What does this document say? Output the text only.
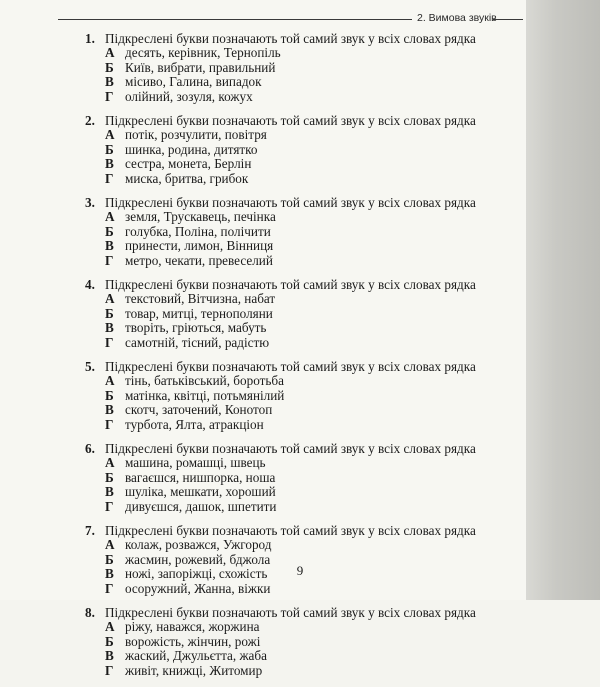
2. Вимова звуків
1. Підкреслені букви позначають той самий звук у всіх словах рядка
А десять, керівник, Тернопіль
Б Київ, вибрати, правильний
В місиво, Галина, випадок
Г олійний, зозуля, кожух
2. Підкреслені букви позначають той самий звук у всіх словах рядка
А потік, розчулити, повітря
Б шинка, родина, дитятко
В сестра, монета, Берлін
Г миска, бритва, грибок
3. Підкреслені букви позначають той самий звук у всіх словах рядка
А земля, Трускавець, печінка
Б голубка, Поліна, полічити
В принести, лимон, Вінниця
Г метро, чекати, превеселий
4. Підкреслені букви позначають той самий звук у всіх словах рядка
А текстовий, Вітчизна, набат
Б товар, митці, тернополяни
В творіть, гріються, мабуть
Г самотній, тісний, радістю
5. Підкреслені букви позначають той самий звук у всіх словах рядка
А тінь, батьківський, боротьба
Б матінка, квітці, потьмянілий
В скотч, заточений, Конотоп
Г турбота, Ялта, атракціон
6. Підкреслені букви позначають той самий звук у всіх словах рядка
А машина, ромашці, швець
Б вагаєшся, нишпорка, ноша
В шуліка, мешкати, хороший
Г дивуєшся, дашок, шпетити
7. Підкреслені букви позначають той самий звук у всіх словах рядка
А колаж, розважся, Ужгород
Б жасмин, рожевий, бджола
В ножі, запоріжці, схожість
Г осоружний, Жанна, віжки
8. Підкреслені букви позначають той самий звук у всіх словах рядка
А ріжу, наважся, жоржина
Б ворожість, жінчин, рожі
В жаский, Джульєтта, жаба
Г живіт, книжці, Житомир
9
